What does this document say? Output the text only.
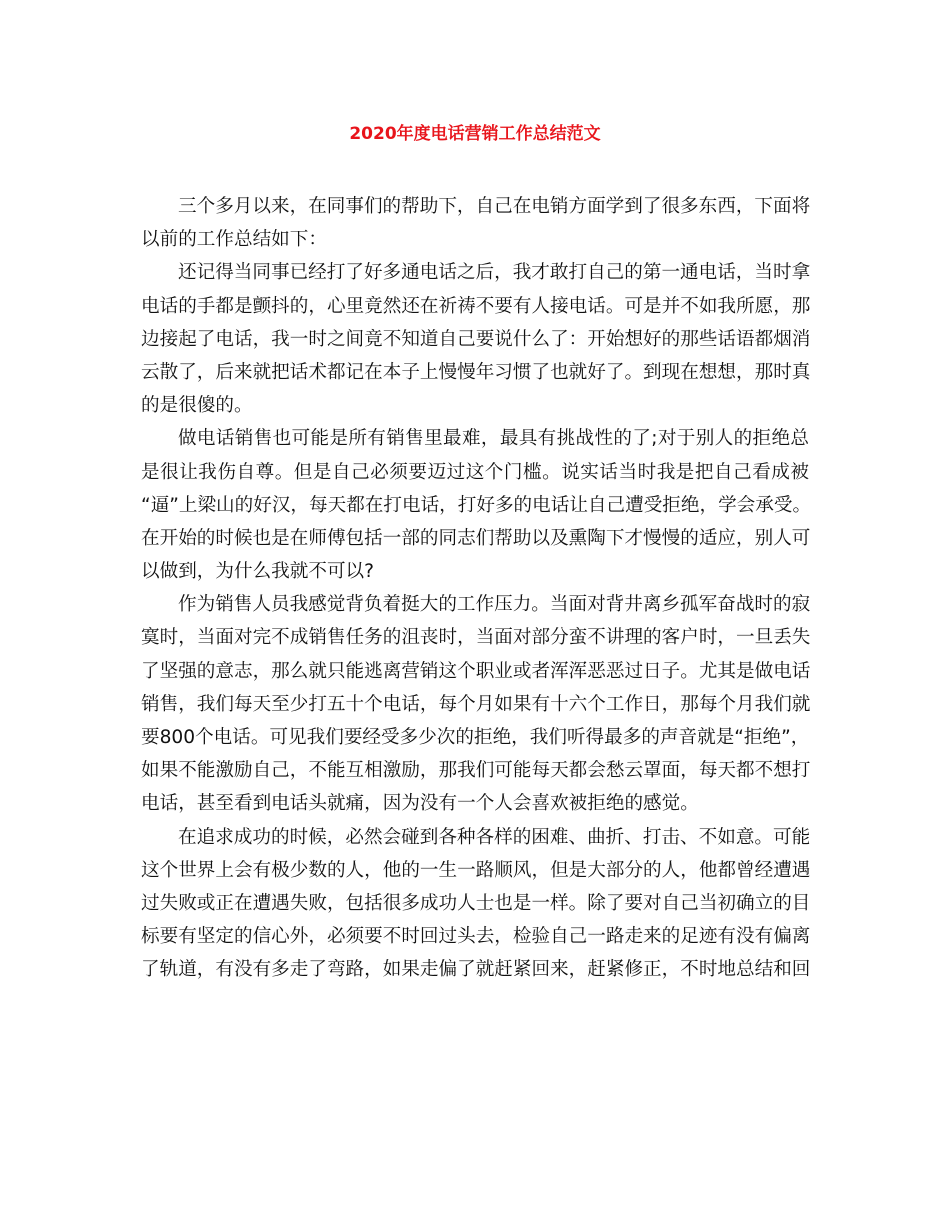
2020年度电话营销工作总结范文
三个多月以来，在同事们的帮助下，自己在电销方面学到了很多东西，下面将
以前的工作总结如下：
还记得当同事已经打了好多通电话之后，我才敢打自己的第一通电话，当时拿
电话的手都是颤抖的，心里竟然还在祈祷不要有人接电话。可是并不如我所愿，那
边接起了电话，我一时之间竟不知道自己要说什么了：开始想好的那些话语都烟消
云散了，后来就把话术都记在本子上慢慢年习惯了也就好了。到现在想想，那时真
的是很傻的。
做电话销售也可能是所有销售里最难，最具有挑战性的了;对于别人的拒绝总
是很让我伤自尊。但是自己必须要迈过这个门槛。说实话当时我是把自己看成被
“逼”上梁山的好汉，每天都在打电话，打好多的电话让自己遭受拒绝，学会承受。
在开始的时候也是在师傅包括一部的同志们帮助以及熏陶下才慢慢的适应，别人可
以做到，为什么我就不可以?
作为销售人员我感觉背负着挺大的工作压力。当面对背井离乡孤军奋战时的寂
寞时，当面对完不成销售任务的沮丧时，当面对部分蛮不讲理的客户时，一旦丢失
了坚强的意志，那么就只能逃离营销这个职业或者浑浑恶恶过日子。尤其是做电话
销售，我们每天至少打五十个电话，每个月如果有十六个工作日，那每个月我们就
要800个电话。可见我们要经受多少次的拒绝，我们听得最多的声音就是“拒绝”，
如果不能激励自己，不能互相激励，那我们可能每天都会愁云罩面，每天都不想打
电话，甚至看到电话头就痛，因为没有一个人会喜欢被拒绝的感觉。
在追求成功的时候，必然会碰到各种各样的困难、曲折、打击、不如意。可能
这个世界上会有极少数的人，他的一生一路顺风，但是大部分的人，他都曾经遭遇
过失败或正在遭遇失败，包括很多成功人士也是一样。除了要对自己当初确立的目
标要有坚定的信心外，必须要不时回过头去，检验自己一路走来的足迹有没有偏离
了轨道，有没有多走了弯路，如果走偏了就赶紧回来，赶紧修正，不时地总结和回
